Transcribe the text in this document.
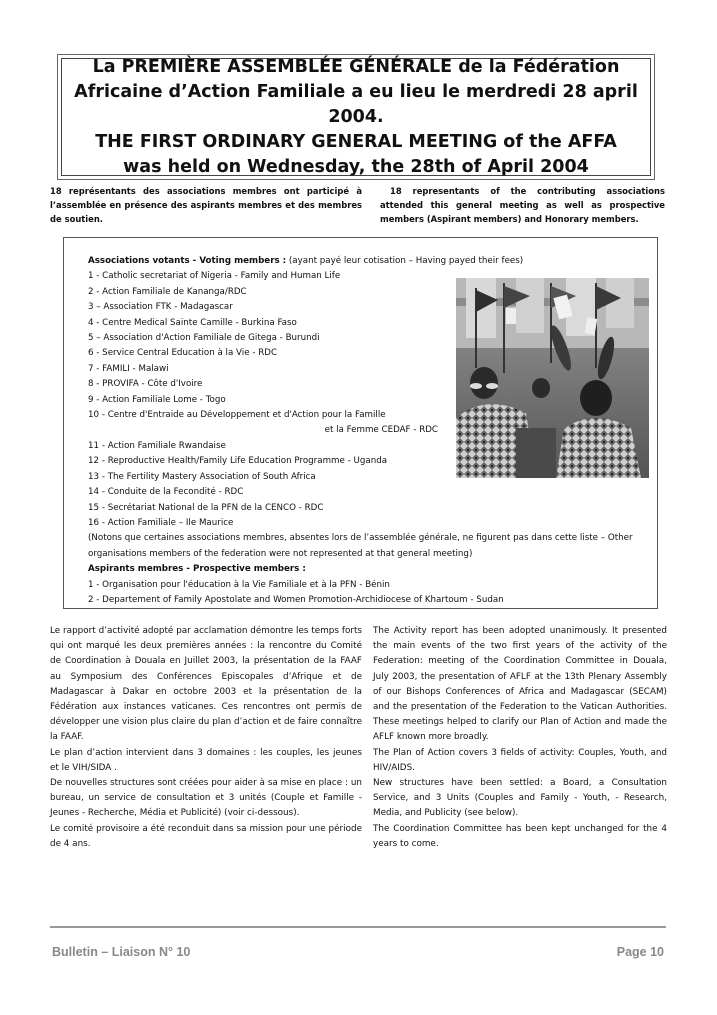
La PREMIÈRE ASSEMBLÉE GÉNÉRALE de la Fédération
Africaine d’Action Familiale a eu lieu le merdredi 28 april 2004.
THE FIRST ORDINARY GENERAL MEETING of the AFFA
was held on Wednesday, the 28th of April 2004
18 représentants des associations membres ont participé à l’assemblée en présence des aspirants membres et des membres de soutien.
18 representants of the contributing associations attended this general meeting as well as prospective members (Aspirant members) and Honorary members.
Associations votants - Voting members : (ayant payé leur cotisation – Having payed their fees)
1 - Catholic secretariat of Nigeria - Family and Human Life
2 - Action Familiale de Kananga/RDC
3 – Association FTK - Madagascar
4 - Centre Medical Sainte Camille - Burkina Faso
5 – Association d'Action Familiale de Gitega - Burundi
6 - Service Central Education à la Vie - RDC
7 - FAMILI - Malawi
8 - PROVIFA - Côte d'Ivoire
9 - Action Familiale Lome - Togo
10 - Centre d'Entraide au Développement et d'Action pour la Famille
et la Femme CEDAF - RDC
11 - Action Familiale Rwandaise
12 - Reproductive Health/Family Life Education Programme - Uganda
13 - The Fertility Mastery Association of South Africa
14 - Conduite de la Fecondité - RDC
15 - Secrétariat National de la PFN de la CENCO - RDC
16 - Action Familiale – Ile Maurice
(Notons que certaines associations membres, absentes lors de l’assemblée générale, ne figurent pas dans cette liste – Other organisations members of the federation were not represented at that general meeting)
Aspirants membres - Prospective members :
1 - Organisation pour l'éducation à la Vie Familiale et à la PFN - Bénin
2 - Departement of Family Apostolate and Women Promotion-Archidiocese of Khartoum - Sudan

Le rapport d’activité adopté par acclamation démontre les temps forts qui ont marqué les deux premières années : la rencontre du Comité de Coordination à Douala en Juillet 2003, la présentation de la FAAF au Symposium des Conférences Episcopales d’Afrique et de Madagascar à Dakar en octobre 2003 et la présentation de la Fédération aux instances vaticanes. Ces rencontres ont permis de développer une vision plus claire du plan d’action et de faire connaître la FAAF.

Le plan d’action intervient dans 3 domaines : les couples, les jeunes et le VIH/SIDA .

De nouvelles structures sont créées pour aider à sa mise en place : un bureau, un service de consultation et 3 unités (Couple et Famille - Jeunes - Recherche, Média et Publicité) (voir ci-dessous).

Le comité provisoire a été reconduit dans sa mission pour une période de 4 ans.

The Activity report has been adopted unanimously. It presented the main events of the two first years of the activity of the Federation: meeting of the Coordination Committee in Douala, July 2003, the presentation of AFLF at the 13th Plenary Assembly of our Bishops Conferences of Africa and Madagascar (SECAM) and the presentation of the Federation to the Vatican Authorities. These meetings helped to clarify our Plan of Action and made the AFLF known more broadly.

The Plan of Action covers 3 fields of activity: Couples, Youth, and HIV/AIDS.

New structures have been settled: a Board, a Consultation Service, and 3 Units (Couples and Family - Youth, - Research, Media, and Publicity (see below).

The Coordination Committee has been kept unchanged for the 4 years to come.

Bulletin – Liaison N° 10	Page 10
